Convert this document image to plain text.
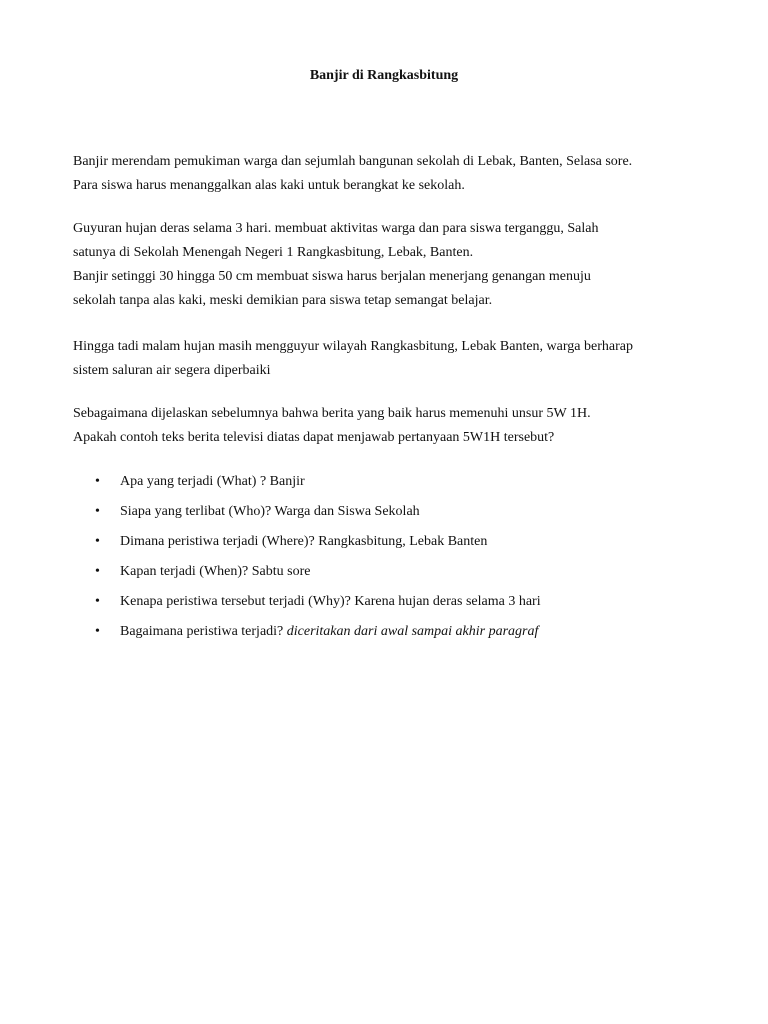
Banjir di Rangkasbitung

Banjir merendam pemukiman warga dan sejumlah bangunan sekolah di Lebak, Banten, Selasa sore.
Para siswa harus menanggalkan alas kaki untuk berangkat ke sekolah.

Guyuran hujan deras selama 3 hari. membuat aktivitas warga dan para siswa terganggu, Salah
satunya di Sekolah Menengah Negeri 1 Rangkasbitung, Lebak, Banten.
Banjir setinggi 30 hingga 50 cm membuat siswa harus berjalan menerjang genangan menuju
sekolah tanpa alas kaki, meski demikian para siswa tetap semangat belajar.

Hingga tadi malam hujan masih mengguyur wilayah Rangkasbitung, Lebak Banten, warga berharap
sistem saluran air segera diperbaiki

Sebagaimana dijelaskan sebelumnya bahwa berita yang baik harus memenuhi unsur 5W 1H.
Apakah contoh teks berita televisi diatas dapat menjawab pertanyaan 5W1H tersebut?

• Apa yang terjadi (What) ? Banjir
• Siapa yang terlibat (Who)? Warga dan Siswa Sekolah
• Dimana peristiwa terjadi (Where)? Rangkasbitung, Lebak Banten
• Kapan terjadi (When)? Sabtu sore
• Kenapa peristiwa tersebut terjadi (Why)? Karena hujan deras selama 3 hari
• Bagaimana peristiwa terjadi? diceritakan dari awal sampai akhir paragraf
